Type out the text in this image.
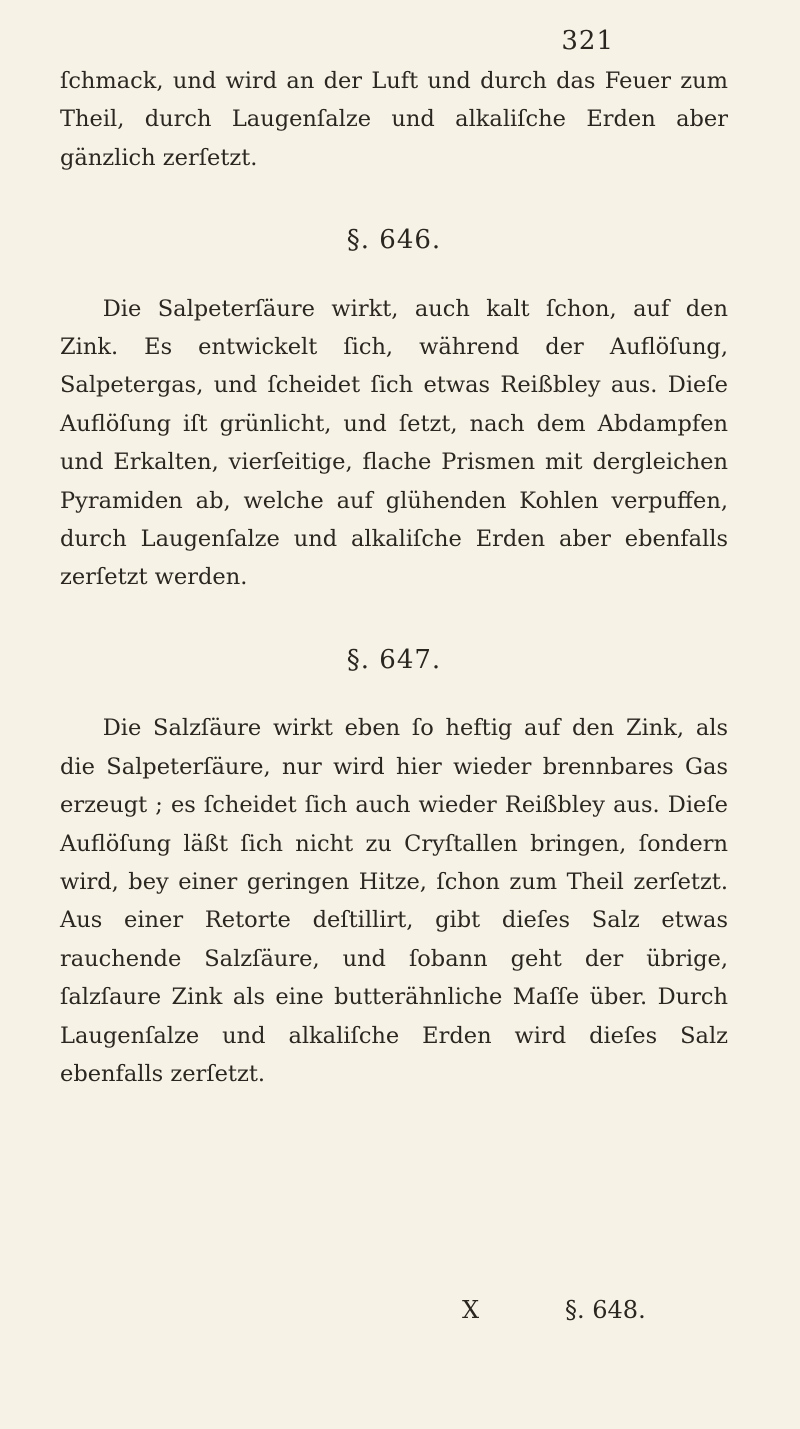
321

ſchmack, und wird an der Luft und durch das Feuer zum Theil, durch Laugenſalze und alkaliſche Erden aber gänzlich zerſetzt.

§. 646.

Die Salpeterſäure wirkt, auch kalt ſchon, auf den Zink. Es entwickelt ſich, während der Auflöſung, Salpetergas, und ſcheidet ſich etwas Reißbley aus. Dieſe Auflöſung iſt grünlicht, und ſetzt, nach dem Abdampfen und Erkalten, vierſeitige, flache Prismen mit dergleichen Pyramiden ab, welche auf glühenden Kohlen verpuffen, durch Laugenſalze und alkaliſche Erden aber ebenfalls zerſetzt werden.

§. 647.

Die Salzſäure wirkt eben ſo heftig auf den Zink, als die Salpeterſäure, nur wird hier wieder brennbares Gas erzeugt ; es ſcheidet ſich auch wieder Reißbley aus. Dieſe Auflöſung läßt ſich nicht zu Cryſtallen bringen, ſondern wird, bey einer geringen Hitze, ſchon zum Theil zerſetzt. Aus einer Retorte deſtillirt, gibt dieſes Salz etwas rauchende Salzſäure, und ſobann geht der übrige, ſalzſaure Zink als eine butterähnliche Maſſe über. Durch Laugenſalze und alkaliſche Erden wird dieſes Salz ebenfalls zerſetzt.

X	§. 648.
